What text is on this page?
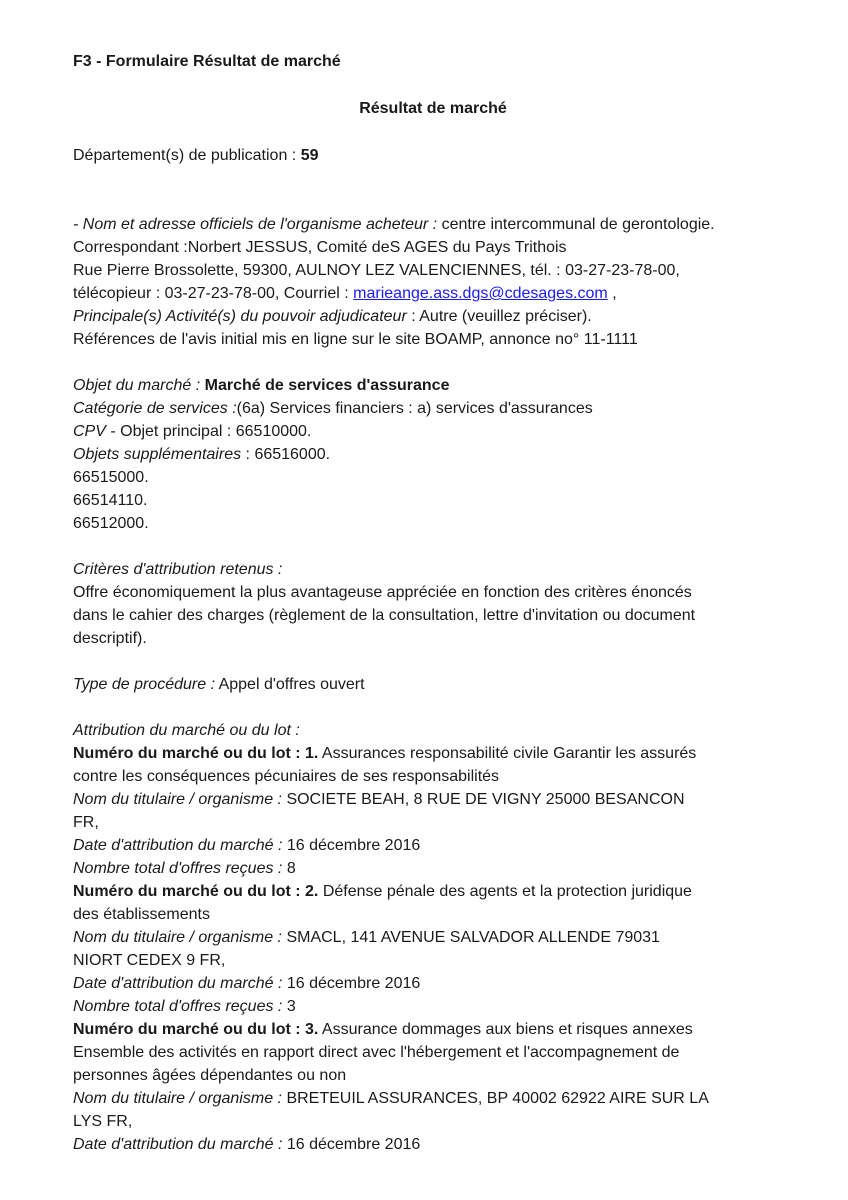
F3 - Formulaire Résultat de marché
Résultat de marché
Département(s) de publication : 59
- Nom et adresse officiels de l'organisme acheteur : centre intercommunal de gerontologie.
Correspondant :Norbert JESSUS, Comité deS AGES du Pays Trithois
Rue Pierre Brossolette, 59300, AULNOY LEZ VALENCIENNES, tél. : 03-27-23-78-00,
télécopieur : 03-27-23-78-00, Courriel : marieange.ass.dgs@cdesages.com ,
Principale(s) Activité(s) du pouvoir adjudicateur : Autre (veuillez préciser).
Références de l'avis initial mis en ligne sur le site BOAMP, annonce no° 11-1111
Objet du marché : Marché de services d'assurance
Catégorie de services :(6a) Services financiers : a) services d'assurances
CPV - Objet principal : 66510000.
Objets supplémentaires : 66516000.
66515000.
66514110.
66512000.
Critères d'attribution retenus :
Offre économiquement la plus avantageuse appréciée en fonction des critères énoncés
dans le cahier des charges (règlement de la consultation, lettre d'invitation ou document
descriptif).
Type de procédure : Appel d'offres ouvert
Attribution du marché ou du lot :
Numéro du marché ou du lot : 1. Assurances responsabilité civile Garantir les assurés
contre les conséquences pécuniaires de ses responsabilités
Nom du titulaire / organisme : SOCIETE BEAH, 8 RUE DE VIGNY 25000 BESANCON
FR,
Date d'attribution du marché : 16 décembre 2016
Nombre total d'offres reçues : 8
Numéro du marché ou du lot : 2. Défense pénale des agents et la protection juridique
des établissements
Nom du titulaire / organisme : SMACL, 141 AVENUE SALVADOR ALLENDE 79031
NIORT CEDEX 9 FR,
Date d'attribution du marché : 16 décembre 2016
Nombre total d'offres reçues : 3
Numéro du marché ou du lot : 3. Assurance dommages aux biens et risques annexes
Ensemble des activités en rapport direct avec l'hébergement et l'accompagnement de
personnes âgées dépendantes ou non
Nom du titulaire / organisme : BRETEUIL ASSURANCES, BP 40002 62922 AIRE SUR LA
LYS FR,
Date d'attribution du marché : 16 décembre 2016
